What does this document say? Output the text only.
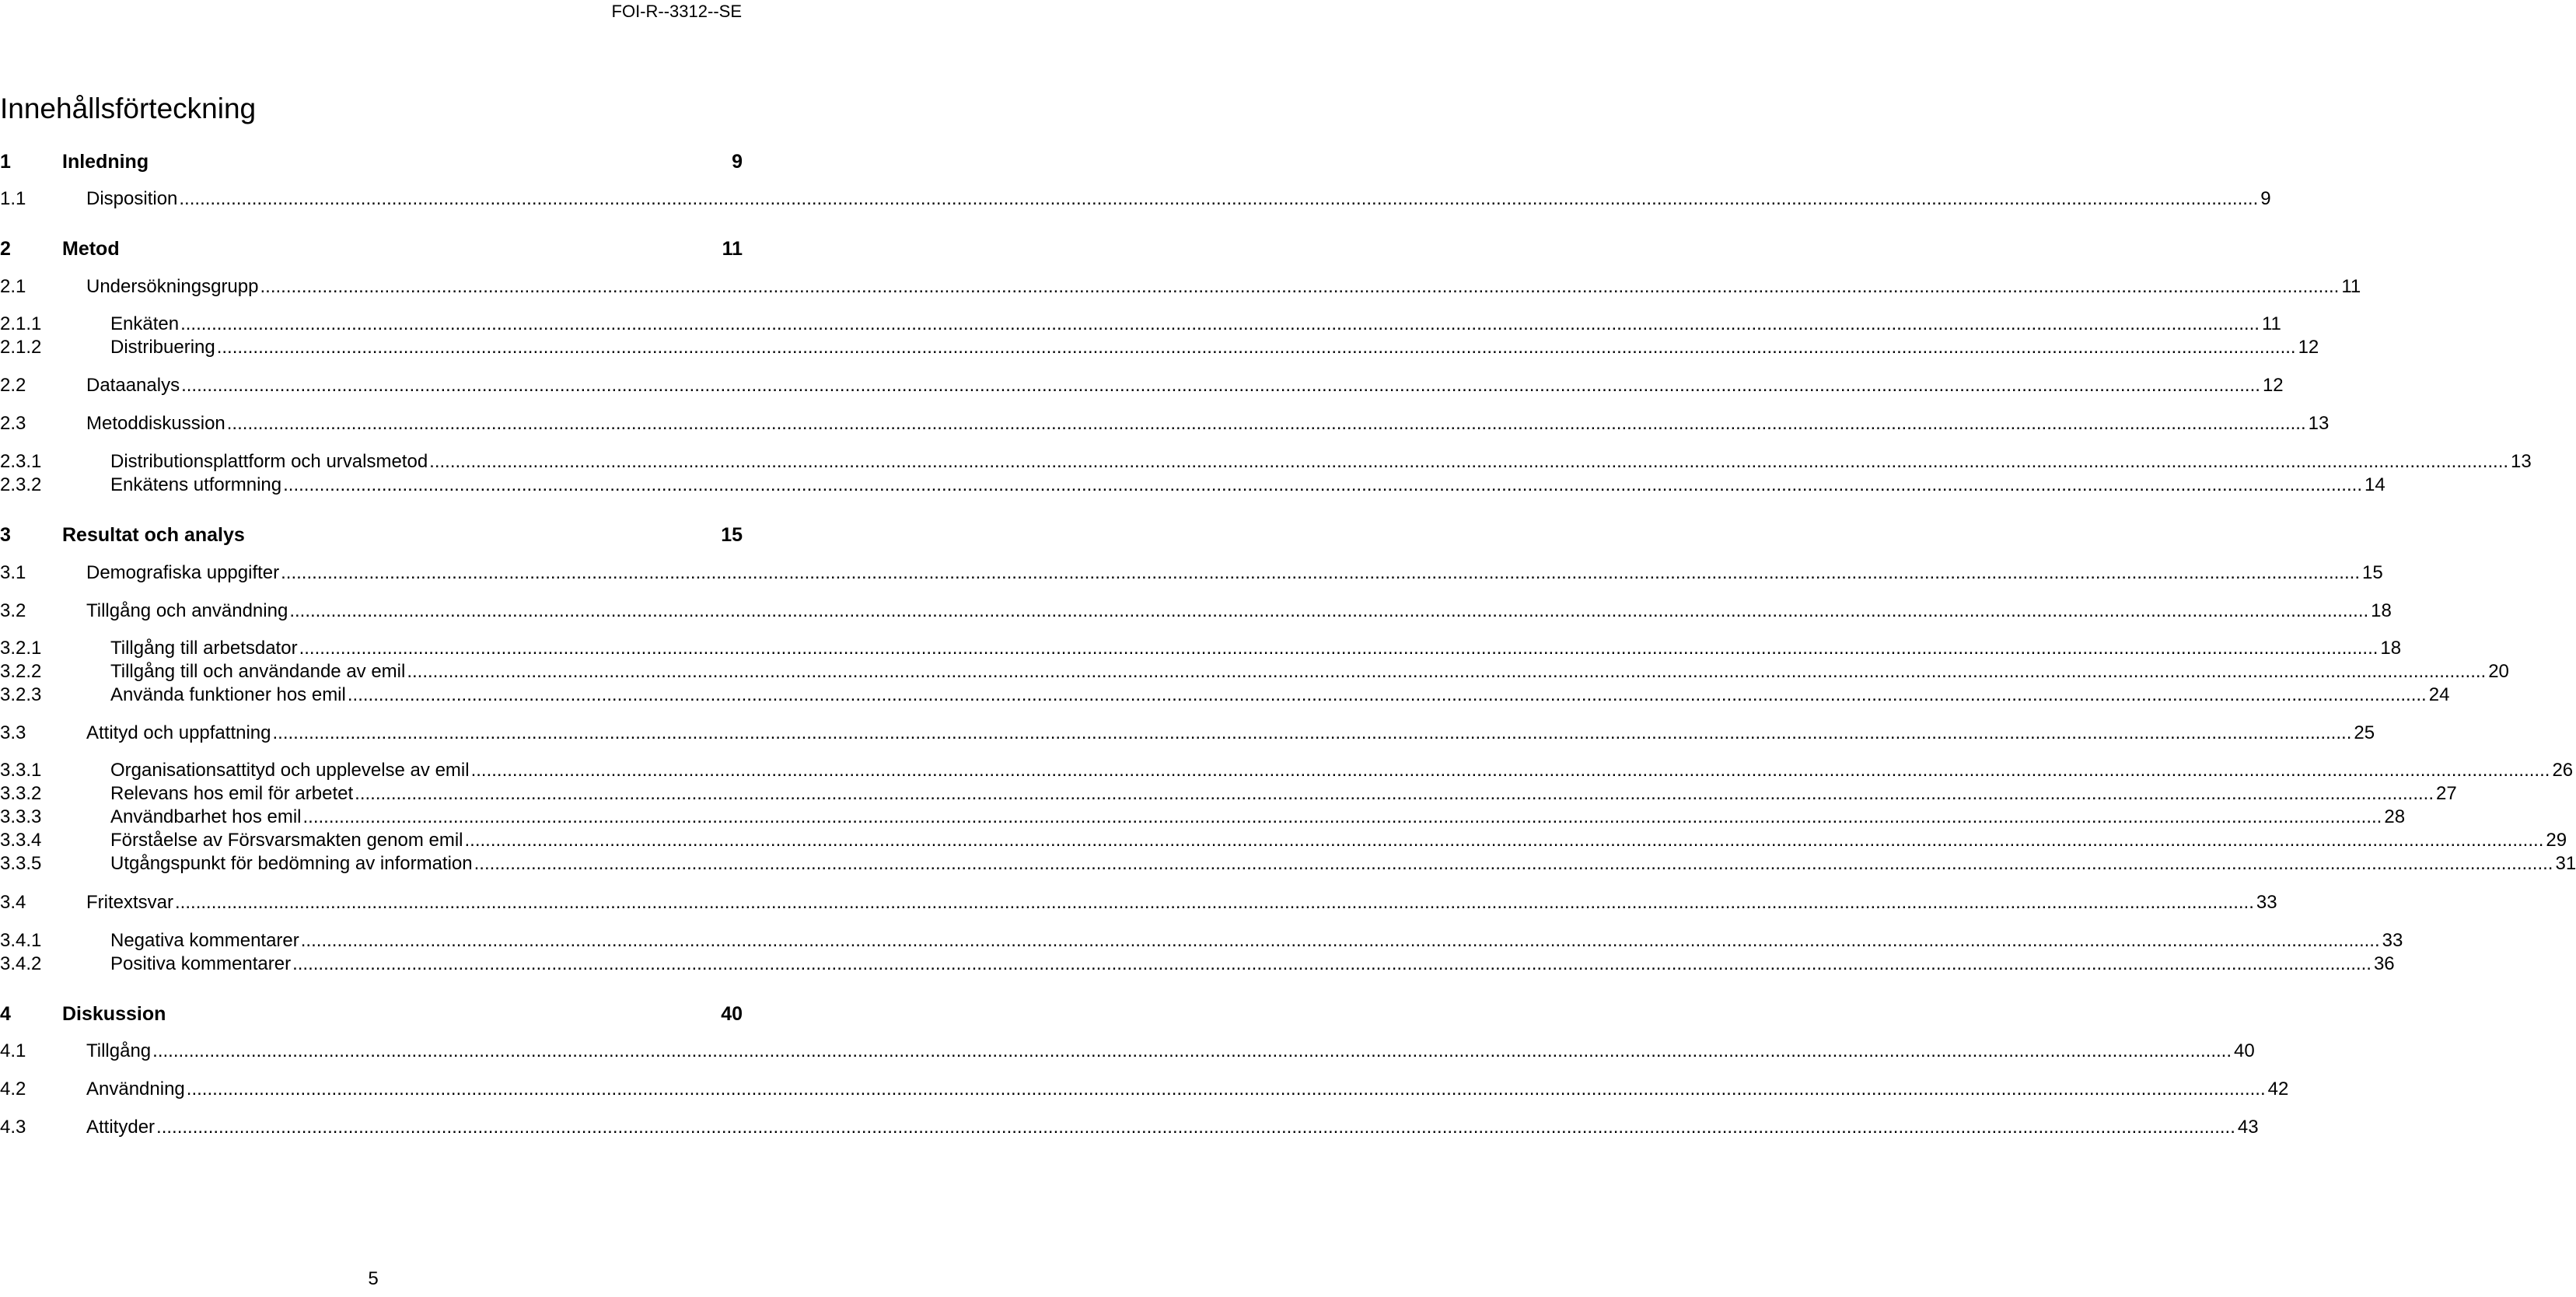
FOI-R--3312--SE
Innehållsförteckning
1	Inledning	9
1.1	Disposition ................................................................................................................................................................................................................................................................................................................................................................................................................. 9
2	Metod	11
2.1	Undersökningsgrupp ................................................................................................................................................................................................................................................................................................................................................................................................................. 11
2.1.1	Enkäten ................................................................................................................................................................................................................................................................................................................................................................................................................. 11
2.1.2	Distribuering ................................................................................................................................................................................................................................................................................................................................................................................................................. 12
2.2	Dataanalys ................................................................................................................................................................................................................................................................................................................................................................................................................. 12
2.3	Metoddiskussion ................................................................................................................................................................................................................................................................................................................................................................................................................. 13
2.3.1	Distributionsplattform och urvalsmetod ................................................................................................................................................................................................................................................................................................................................................................................................................. 13
2.3.2	Enkätens utformning ................................................................................................................................................................................................................................................................................................................................................................................................................. 14
3	Resultat och analys	15
3.1	Demografiska uppgifter ................................................................................................................................................................................................................................................................................................................................................................................................................. 15
3.2	Tillgång och användning ................................................................................................................................................................................................................................................................................................................................................................................................................. 18
3.2.1	Tillgång till arbetsdator ................................................................................................................................................................................................................................................................................................................................................................................................................. 18
3.2.2	Tillgång till och användande av emil ................................................................................................................................................................................................................................................................................................................................................................................................................. 20
3.2.3	Använda funktioner hos emil ................................................................................................................................................................................................................................................................................................................................................................................................................. 24
3.3	Attityd och uppfattning ................................................................................................................................................................................................................................................................................................................................................................................................................. 25
3.3.1	Organisationsattityd och upplevelse av emil ................................................................................................................................................................................................................................................................................................................................................................................................................. 26
3.3.2	Relevans hos emil för arbetet ................................................................................................................................................................................................................................................................................................................................................................................................................. 27
3.3.3	Användbarhet hos emil ................................................................................................................................................................................................................................................................................................................................................................................................................. 28
3.3.4	Förståelse av Försvarsmakten genom emil ................................................................................................................................................................................................................................................................................................................................................................................................................. 29
3.3.5	Utgångspunkt för bedömning av information ................................................................................................................................................................................................................................................................................................................................................................................................................. 31
3.4	Fritextsvar ................................................................................................................................................................................................................................................................................................................................................................................................................. 33
3.4.1	Negativa kommentarer ................................................................................................................................................................................................................................................................................................................................................................................................................. 33
3.4.2	Positiva kommentarer ................................................................................................................................................................................................................................................................................................................................................................................................................. 36
4	Diskussion	40
4.1	Tillgång ................................................................................................................................................................................................................................................................................................................................................................................................................. 40
4.2	Användning ................................................................................................................................................................................................................................................................................................................................................................................................................. 42
4.3	Attityder ................................................................................................................................................................................................................................................................................................................................................................................................................. 43
5
